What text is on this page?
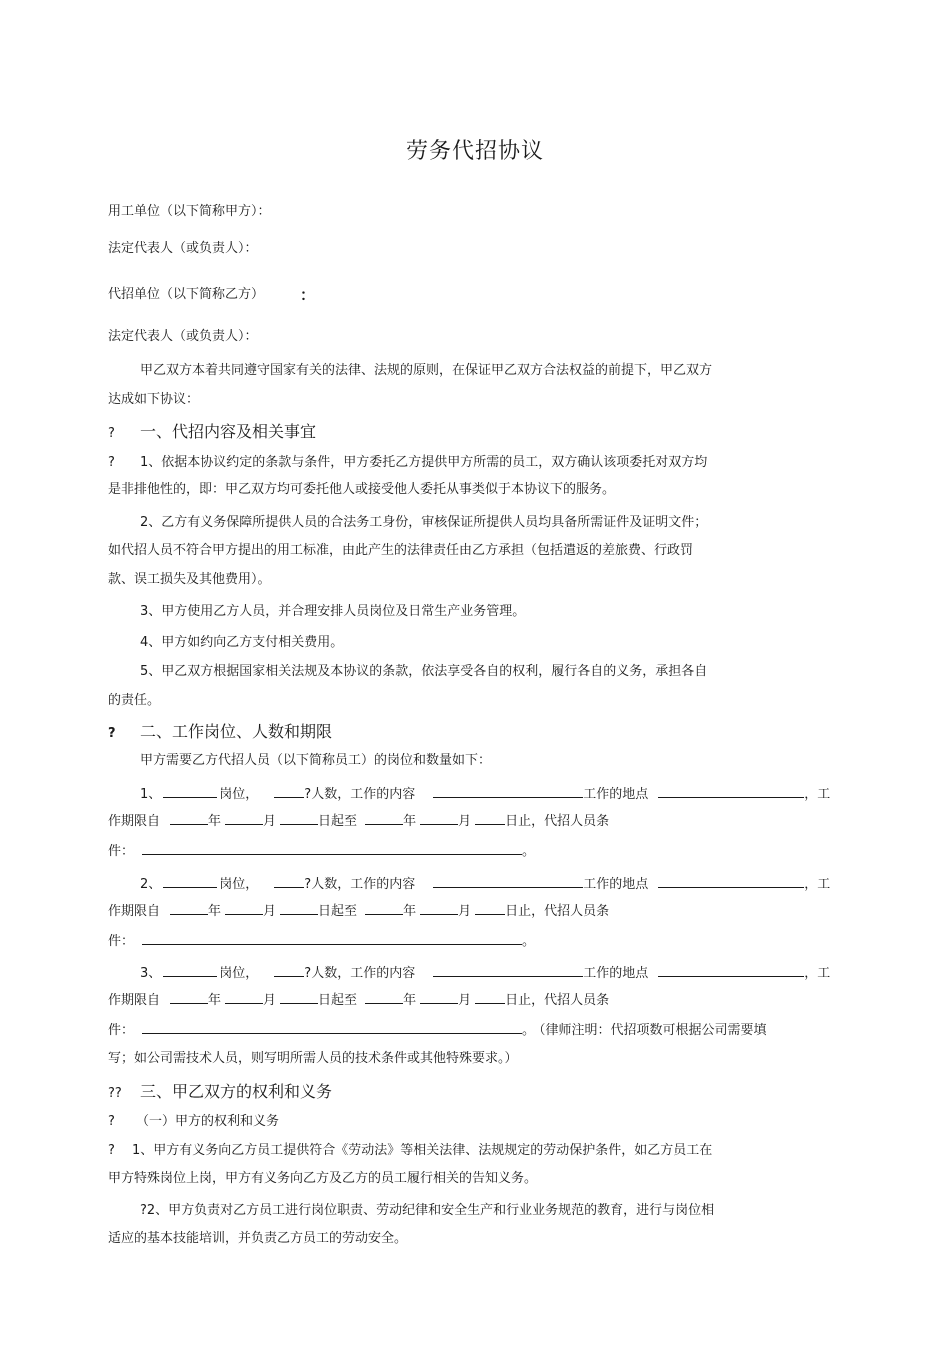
劳务代招协议
用工单位（以下简称甲方）：
法定代表人（或负责人）：
代招单位（以下简称乙方） ：
法定代表人（或负责人）：
甲乙双方本着共同遵守国家有关的法律、法规的原则，在保证甲乙双方合法权益的前提下，甲乙双方
达成如下协议：
? 一、代招内容及相关事宜
? 1、依据本协议约定的条款与条件，甲方委托乙方提供甲方所需的员工，双方确认该项委托对双方均
是非排他性的，即：甲乙双方均可委托他人或接受他人委托从事类似于本协议下的服务。
2、乙方有义务保障所提供人员的合法务工身份，审核保证所提供人员均具备所需证件及证明文件；
如代招人员不符合甲方提出的用工标准，由此产生的法律责任由乙方承担（包括遣返的差旅费、行政罚
款、误工损失及其他费用）。
3、甲方使用乙方人员，并合理安排人员岗位及日常生产业务管理。
4、甲方如约向乙方支付相关费用。
5、甲乙双方根据国家相关法规及本协议的条款，依法享受各自的权利，履行各自的义务，承担各自
的责任。
? 二、工作岗位、人数和期限
甲方需要乙方代招人员（以下简称员工）的岗位和数量如下：
1、	岗位，	?人数，工作的内容	工作的地点	，工
作期限自	年	月	日起至	年	月	日止，代招人员条
件：	。
2、	岗位，	?人数，工作的内容	工作的地点	，工
作期限自	年	月	日起至	年	月	日止，代招人员条
件：	。
3、	岗位，	?人数，工作的内容	工作的地点	，工
作期限自	年	月	日起至	年	月	日止，代招人员条
件：	。 （律师注明：代招项数可根据公司需要填
写；如公司需技术人员，则写明所需人员的技术条件或其他特殊要求。）
?? 三、甲乙双方的权利和义务
? （一）甲方的权利和义务
? 1、甲方有义务向乙方员工提供符合《劳动法》等相关法律、法规规定的劳动保护条件，如乙方员工在
甲方特殊岗位上岗，甲方有义务向乙方及乙方的员工履行相关的告知义务。
?2、甲方负责对乙方员工进行岗位职责、劳动纪律和安全生产和行业业务规范的教育，进行与岗位相
适应的基本技能培训，并负责乙方员工的劳动安全。
